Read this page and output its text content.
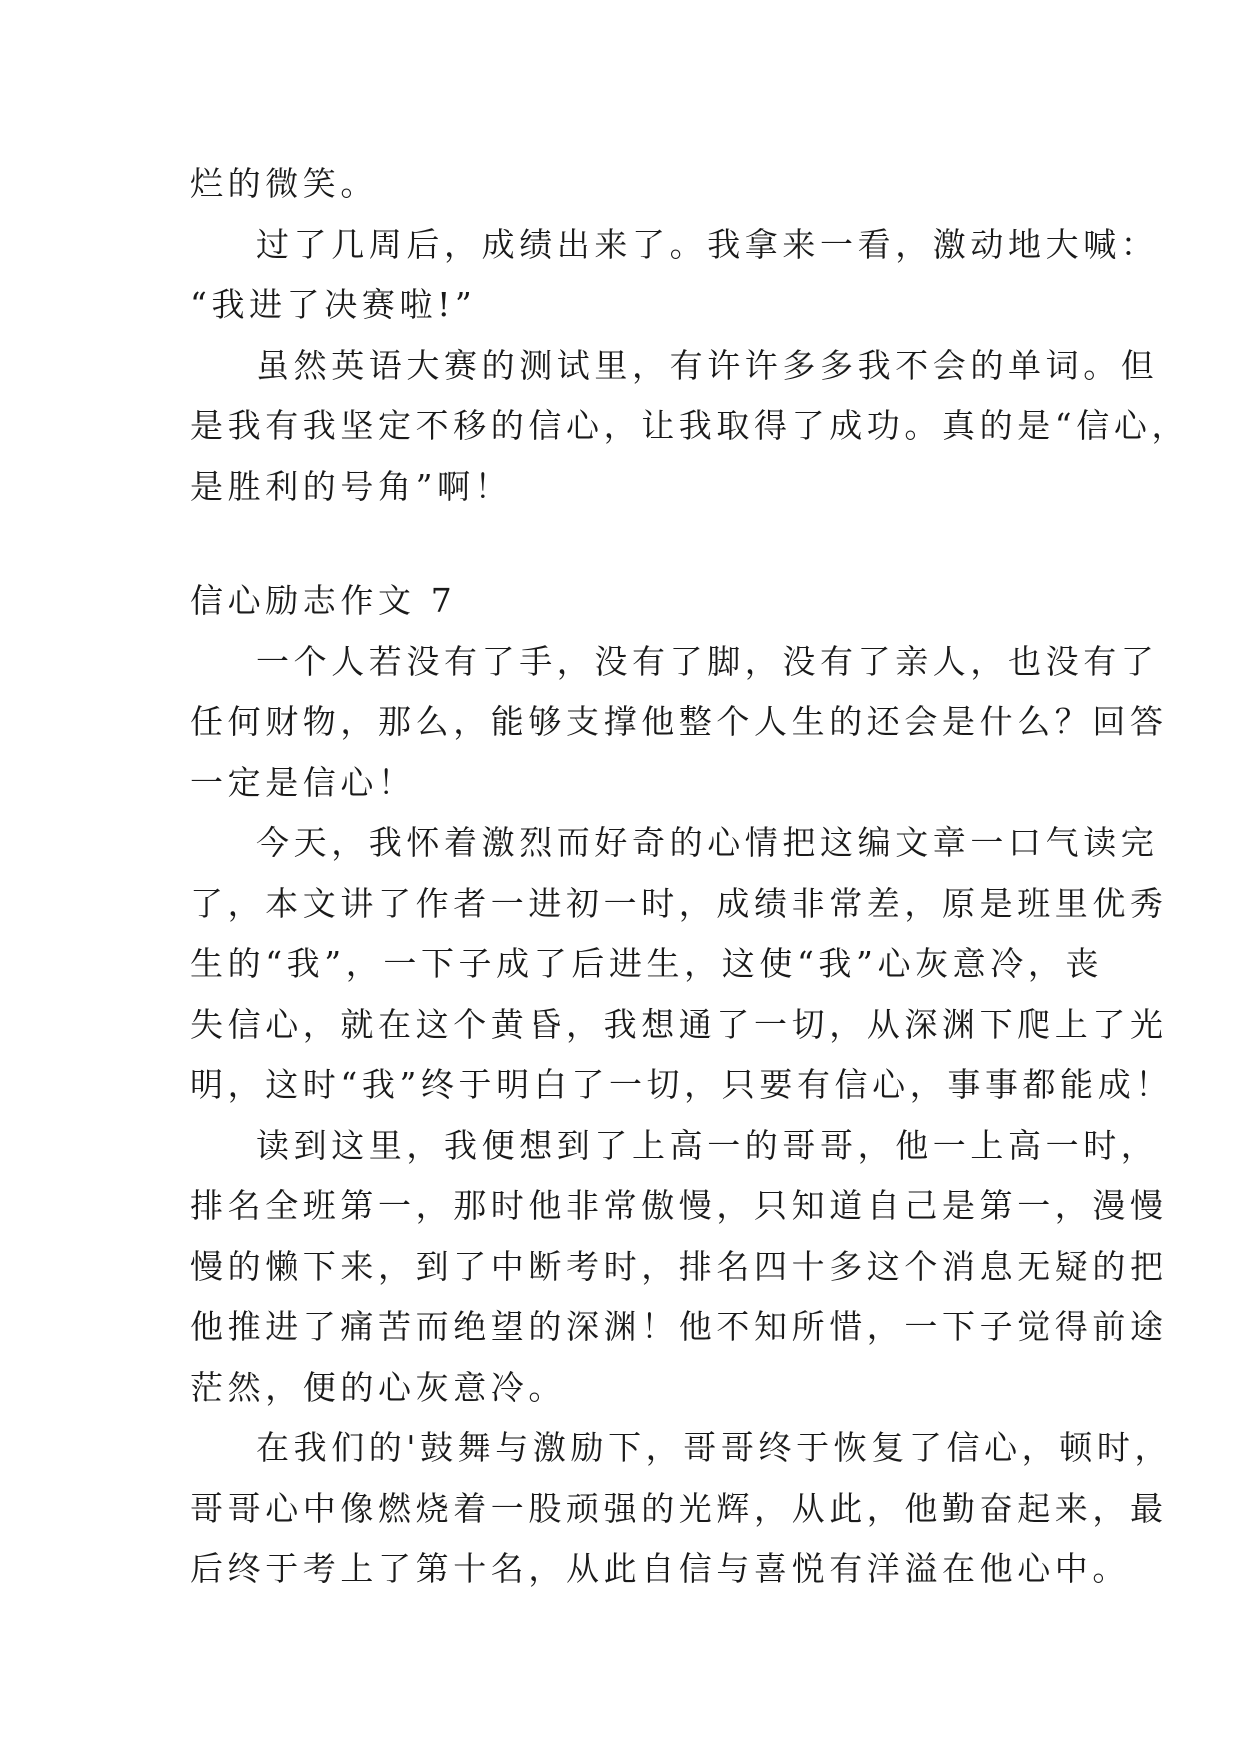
烂的微笑。
过了几周后，成绩出来了。我拿来一看，激动地大喊：
“我进了决赛啦!”
虽然英语大赛的测试里，有许许多多我不会的单词。但
是我有我坚定不移的信心，让我取得了成功。真的是“信心，
是胜利的号角”啊！
信心励志作文 7
一个人若没有了手，没有了脚，没有了亲人，也没有了
任何财物，那么，能够支撑他整个人生的还会是什么？回答
一定是信心！
今天，我怀着激烈而好奇的心情把这编文章一口气读完
了，本文讲了作者一进初一时，成绩非常差，原是班里优秀
生的“我”，一下子成了后进生，这使“我”心灰意冷，丧
失信心，就在这个黄昏，我想通了一切，从深渊下爬上了光
明，这时“我”终于明白了一切，只要有信心，事事都能成！
读到这里，我便想到了上高一的哥哥，他一上高一时，
排名全班第一，那时他非常傲慢，只知道自己是第一，漫慢
慢的懒下来，到了中断考时，排名四十多这个消息无疑的把
他推进了痛苦而绝望的深渊！他不知所惜，一下子觉得前途
茫然，便的心灰意冷。
在我们的'鼓舞与激励下，哥哥终于恢复了信心，顿时，
哥哥心中像燃烧着一股顽强的光辉，从此，他勤奋起来，最
后终于考上了第十名，从此自信与喜悦有洋溢在他心中。
